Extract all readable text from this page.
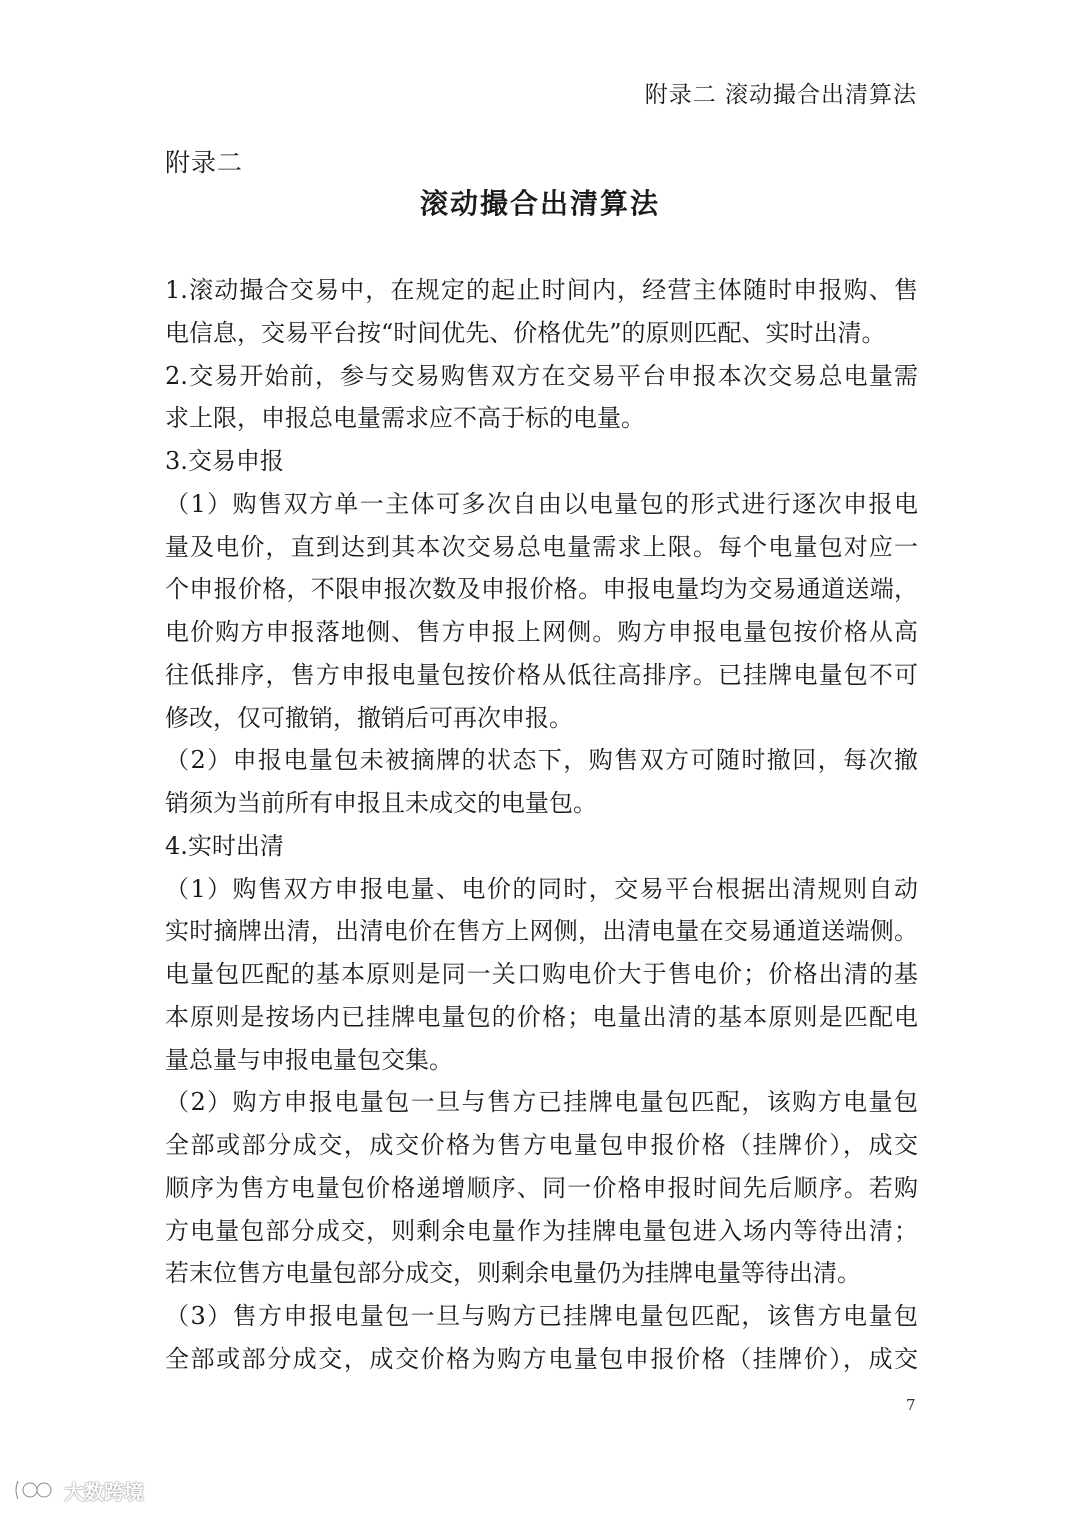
附录二 滚动撮合出清算法
附录二
滚动撮合出清算法
1.滚动撮合交易中，在规定的起止时间内，经营主体随时申报购、售
电信息，交易平台按“时间优先、价格优先”的原则匹配、实时出清。
2.交易开始前，参与交易购售双方在交易平台申报本次交易总电量需
求上限，申报总电量需求应不高于标的电量。
3.交易申报
（1）购售双方单一主体可多次自由以电量包的形式进行逐次申报电
量及电价，直到达到其本次交易总电量需求上限。每个电量包对应一
个申报价格，不限申报次数及申报价格。申报电量均为交易通道送端，
电价购方申报落地侧、售方申报上网侧。购方申报电量包按价格从高
往低排序，售方申报电量包按价格从低往高排序。已挂牌电量包不可
修改，仅可撤销，撤销后可再次申报。
（2）申报电量包未被摘牌的状态下，购售双方可随时撤回，每次撤
销须为当前所有申报且未成交的电量包。
4.实时出清
（1）购售双方申报电量、电价的同时，交易平台根据出清规则自动
实时摘牌出清，出清电价在售方上网侧，出清电量在交易通道送端侧。
电量包匹配的基本原则是同一关口购电价大于售电价；价格出清的基
本原则是按场内已挂牌电量包的价格；电量出清的基本原则是匹配电
量总量与申报电量包交集。
（2）购方申报电量包一旦与售方已挂牌电量包匹配，该购方电量包
全部或部分成交，成交价格为售方电量包申报价格（挂牌价），成交
顺序为售方电量包价格递增顺序、同一价格申报时间先后顺序。若购
方电量包部分成交，则剩余电量作为挂牌电量包进入场内等待出清；
若末位售方电量包部分成交，则剩余电量仍为挂牌电量等待出清。
（3）售方申报电量包一旦与购方已挂牌电量包匹配，该售方电量包
全部或部分成交，成交价格为购方电量包申报价格（挂牌价），成交
7
大数跨境
